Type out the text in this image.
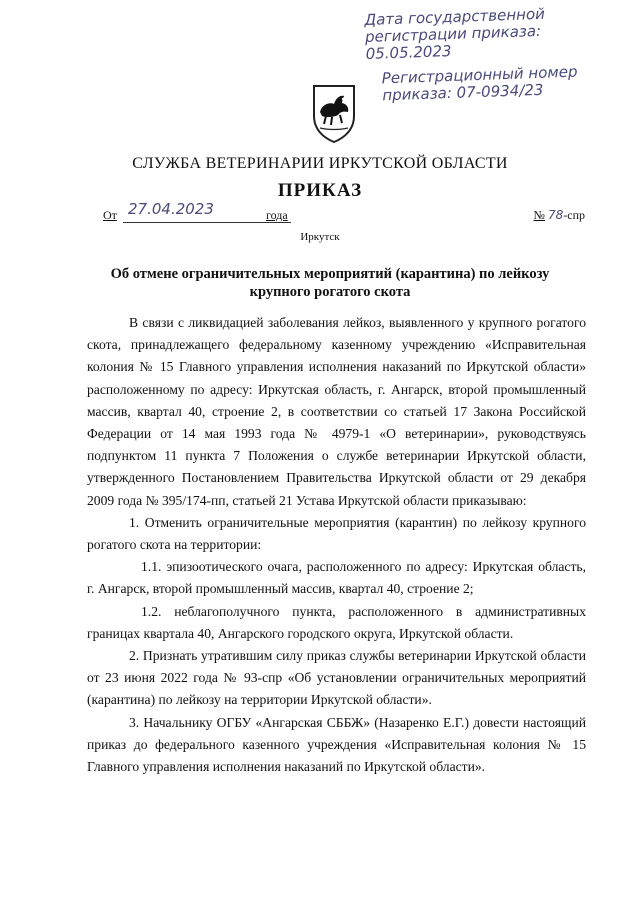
Дата государственной
регистрации приказа:
05.05.2023
Регистрационный номер
приказа: 07-0934/23
СЛУЖБА ВЕТЕРИНАРИИ ИРКУТСКОЙ ОБЛАСТИ
ПРИКАЗ
От 27.04.2023	года	№ 78-спр
Иркутск
Об отмене ограничительных мероприятий (карантина) по лейкозу крупного рогатого скота

В связи с ликвидацией заболевания лейкоз, выявленного у крупного рогатого скота, принадлежащего федеральному казенному учреждению «Исправительная колония № 15 Главного управления исполнения наказаний по Иркутской области» расположенному по адресу: Иркутская область, г. Ангарск, второй промышленный массив, квартал 40, строение 2, в соответствии со статьей 17 Закона Российской Федерации от 14 мая 1993 года № 4979-1 «О ветеринарии», руководствуясь подпунктом 11 пункта 7 Положения о службе ветеринарии Иркутской области, утвержденного Постановлением Правительства Иркутской области от 29 декабря 2009 года № 395/174-пп, статьей 21 Устава Иркутской области приказываю:

1. Отменить ограничительные мероприятия (карантин) по лейкозу крупного рогатого скота на территории:

1.1. эпизоотического очага, расположенного по адресу: Иркутская область, г. Ангарск, второй промышленный массив, квартал 40, строение 2;

1.2. неблагополучного пункта, расположенного в административных границах квартала 40, Ангарского городского округа, Иркутской области.

2. Признать утратившим силу приказ службы ветеринарии Иркутской области от 23 июня 2022 года № 93-спр «Об установлении ограничительных мероприятий (карантина) по лейкозу на территории Иркутской области».

3. Начальнику ОГБУ «Ангарская СББЖ» (Назаренко Е.Г.) довести настоящий приказ до федерального казенного учреждения «Исправительная колония № 15 Главного управления исполнения наказаний по Иркутской области».
